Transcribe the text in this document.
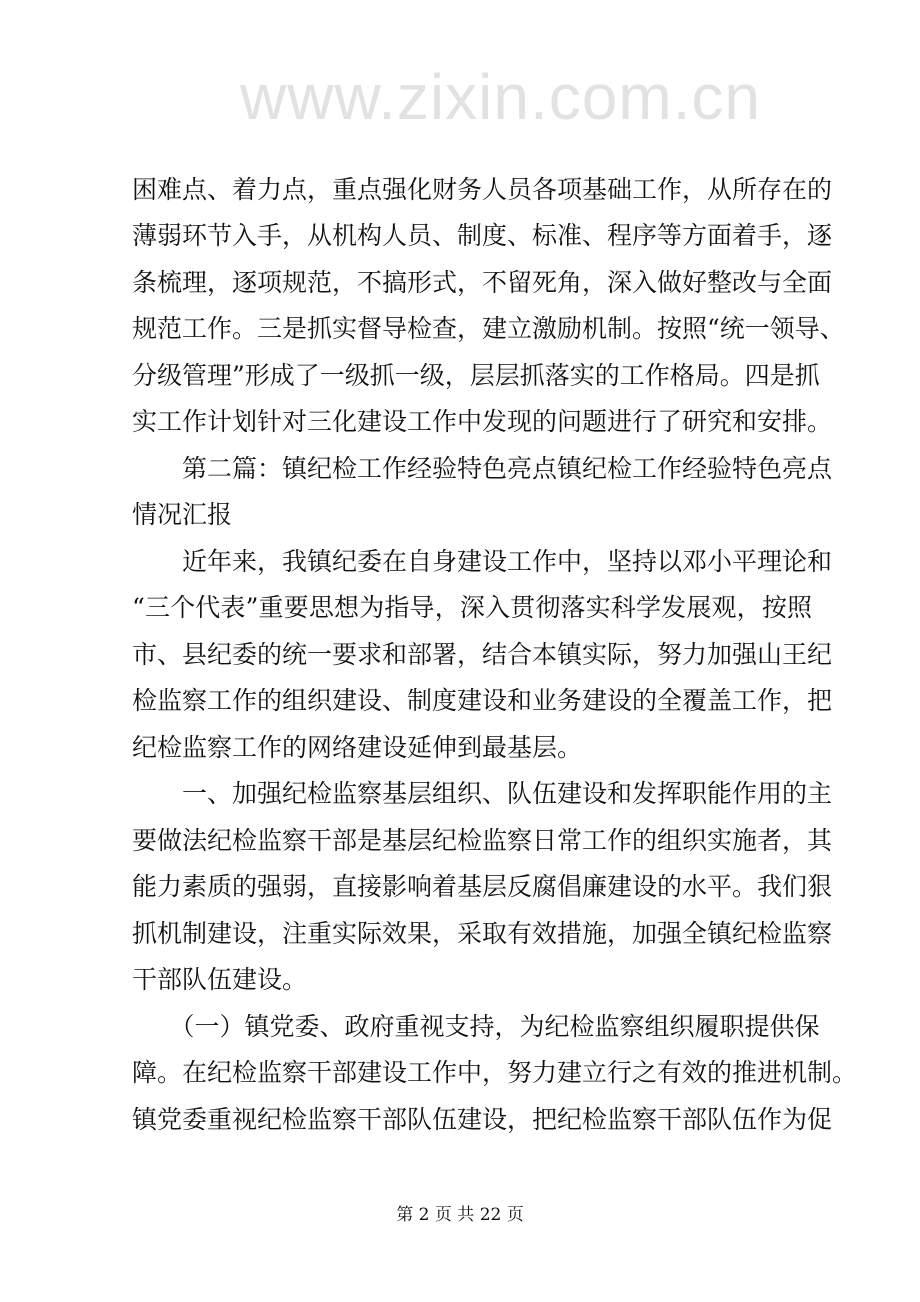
www.zixin.com.cn
困难点、着力点，重点强化财务人员各项基础工作，从所存在的
薄弱环节入手，从机构人员、制度、标准、程序等方面着手，逐
条梳理，逐项规范，不搞形式，不留死角，深入做好整改与全面
规范工作。三是抓实督导检查，建立激励机制。按照“统一领导、
分级管理”形成了一级抓一级，层层抓落实的工作格局。四是抓
实工作计划针对三化建设工作中发现的问题进行了研究和安排。
　　第二篇：镇纪检工作经验特色亮点镇纪检工作经验特色亮点
情况汇报
　　近年来，我镇纪委在自身建设工作中，坚持以邓小平理论和
“三个代表”重要思想为指导，深入贯彻落实科学发展观，按照
市、县纪委的统一要求和部署，结合本镇实际，努力加强山王纪
检监察工作的组织建设、制度建设和业务建设的全覆盖工作，把
纪检监察工作的网络建设延伸到最基层。
　　一、加强纪检监察基层组织、队伍建设和发挥职能作用的主
要做法纪检监察干部是基层纪检监察日常工作的组织实施者，其
能力素质的强弱，直接影响着基层反腐倡廉建设的水平。我们狠
抓机制建设，注重实际效果，采取有效措施，加强全镇纪检监察
干部队伍建设。
　　（一）镇党委、政府重视支持，为纪检监察组织履职提供保
障。在纪检监察干部建设工作中，努力建立行之有效的推进机制。
镇党委重视纪检监察干部队伍建设，把纪检监察干部队伍作为促
第 2 页 共 22 页
